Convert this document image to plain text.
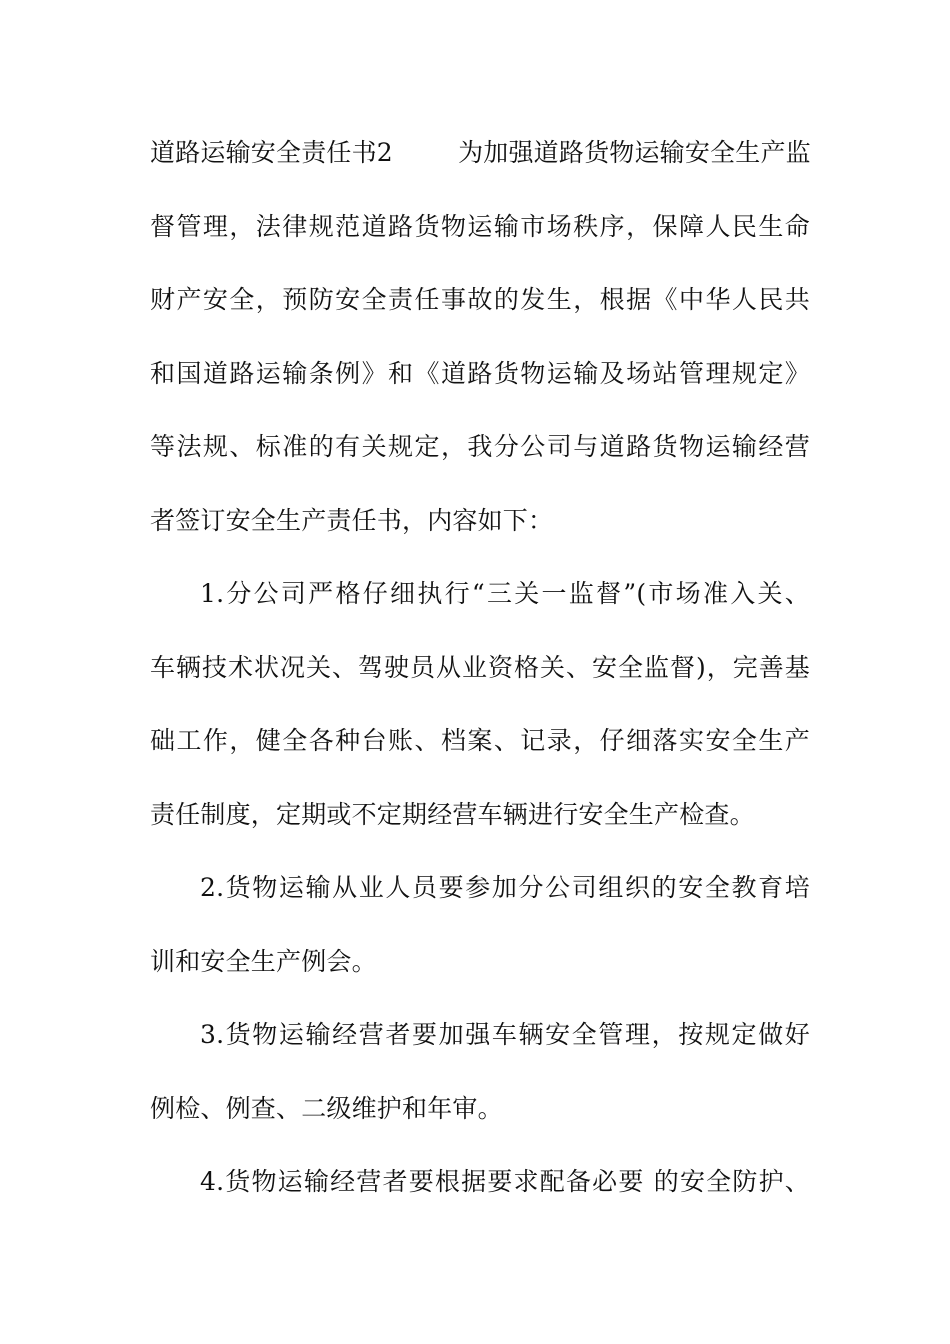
道路运输安全责任书2        为加强道路货物运输安全生产监
督管理，法律规范道路货物运输市场秩序，保障人民生命
财产安全，预防安全责任事故的发生，根据《中华人民共
和国道路运输条例》和《道路货物运输及场站管理规定》
等法规、标准的有关规定，我分公司与道路货物运输经营
者签订安全生产责任书，内容如下：
1.分公司严格仔细执行“三关一监督”(市场准入关、
车辆技术状况关、驾驶员从业资格关、安全监督)，完善基
础工作，健全各种台账、档案、记录，仔细落实安全生产
责任制度，定期或不定期经营车辆进行安全生产检查。
2.货物运输从业人员要参加分公司组织的安全教育培
训和安全生产例会。
3.货物运输经营者要加强车辆安全管理，按规定做好
例检、例查、二级维护和年审。
4.货物运输经营者要根据要求配备必要 的安全防护、
